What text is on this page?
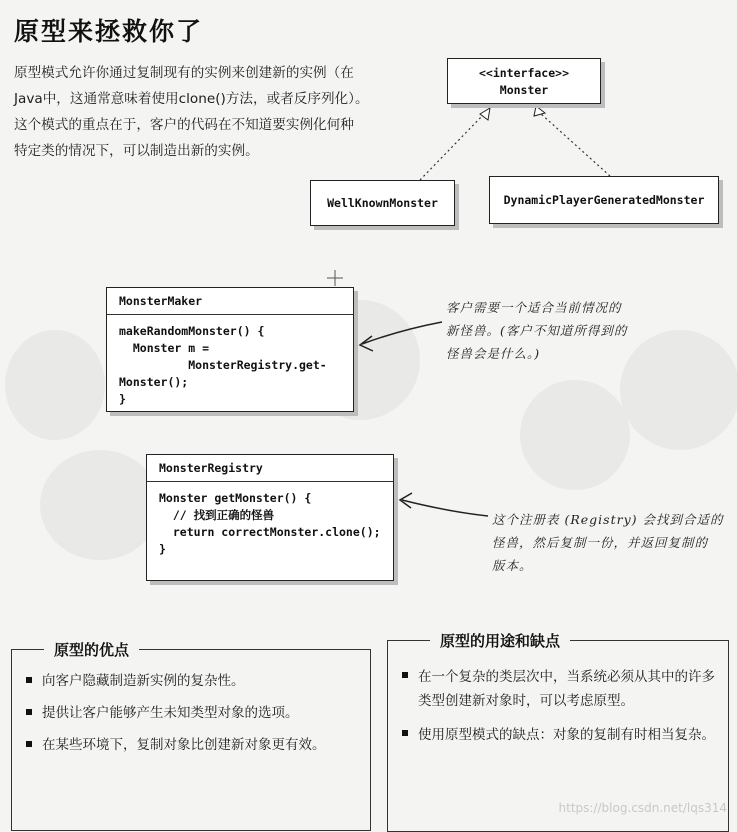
原型来拯救你了
原型模式允许你通过复制现有的实例来创建新的实例（在
Java中，这通常意味着使用clone()方法，或者反序列化）。
这个模式的重点在于，客户的代码在不知道要实例化何种
特定类的情况下，可以制造出新的实例。
<<interface>>
Monster
WellKnownMonster	DynamicPlayerGeneratedMonster
MonsterMaker
makeRandomMonster() {
Monster m =
MonsterRegistry.get-
Monster();
}
MonsterRegistry
Monster getMonster() {
// 找到正确的怪兽
return correctMonster.clone();
}
客户需要一个适合当前情况的
新怪兽。(客户不知道所得到的
怪兽会是什么。)
这个注册表 (Registry) 会找到合适的
怪兽，然后复制一份，并返回复制的
版本。
原型的优点
向客户隐藏制造新实例的复杂性。
提供让客户能够产生未知类型对象的选项。
在某些环境下，复制对象比创建新对象更有效。
原型的用途和缺点
在一个复杂的类层次中，当系统必须从其中的许多类型创建新对象时，可以考虑原型。
使用原型模式的缺点：对象的复制有时相当复杂。
https://blog.csdn.net/lqs314
